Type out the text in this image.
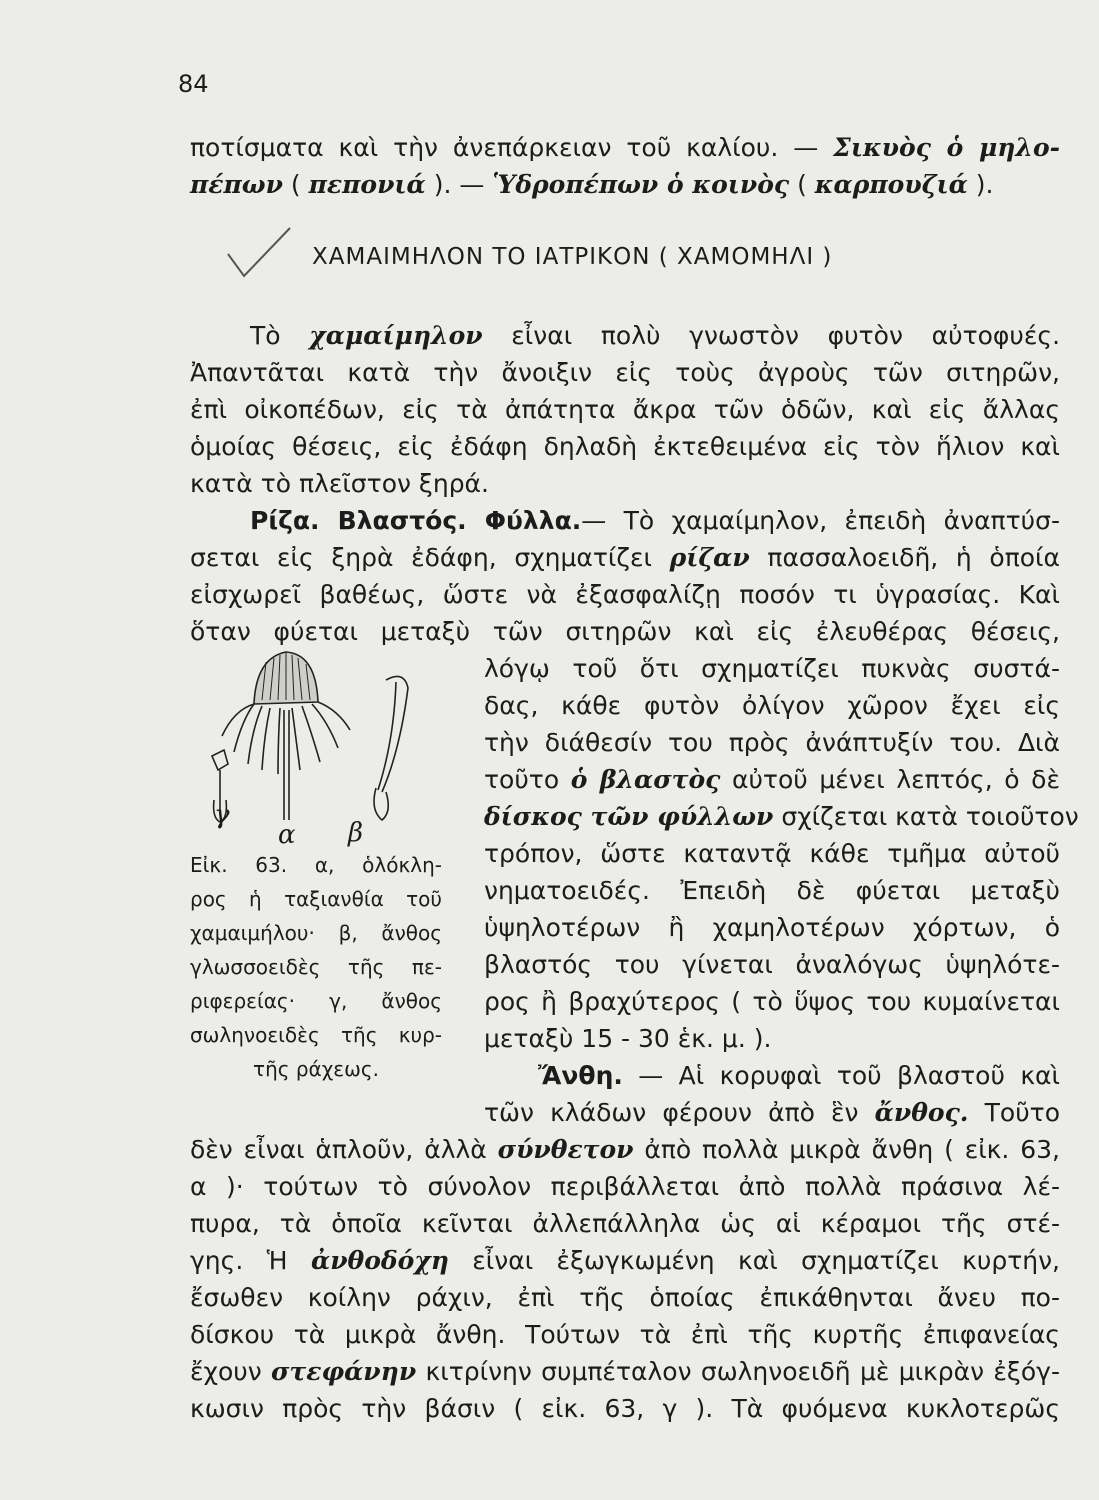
84
ποτίσματα καὶ τὴν ἀνεπάρκειαν τοῦ καλίου. — Σικυὸς ὁ μηλο-
πέπων ( πεπονιά ). — Ὑδροπέπων ὁ κοινὸς ( καρπουζιά ).
ΧΑΜΑΙΜΗΛΟΝ ΤΟ ΙΑΤΡΙΚΟΝ ( ΧΑΜΟΜΗΛΙ )
Τὸ χαμαίμηλον εἶναι πολὺ γνωστὸν φυτὸν αὐτοφυές.
Ἀπαντᾶται κατὰ τὴν ἄνοιξιν εἰς τοὺς ἀγροὺς τῶν σιτηρῶν,
ἐπὶ οἰκοπέδων, εἰς τὰ ἀπάτητα ἄκρα τῶν ὁδῶν, καὶ εἰς ἄλλας
ὁμοίας θέσεις, εἰς ἐδάφη δηλαδὴ ἐκτεθειμένα εἰς τὸν ἥλιον καὶ
κατὰ τὸ πλεῖστον ξηρά.
Ρίζα. Βλαστός. Φύλλα.— Τὸ χαμαίμηλον, ἐπειδὴ ἀναπτύσ-
σεται εἰς ξηρὰ ἐδάφη, σχηματίζει ρίζαν πασσαλοειδῆ, ἡ ὁποία
εἰσχωρεῖ βαθέως, ὥστε νὰ ἐξασφαλίζῃ ποσόν τι ὑγρασίας. Καὶ
ὅταν φύεται μεταξὺ τῶν σιτηρῶν καὶ εἰς ἐλευθέρας θέσεις,
λόγῳ τοῦ ὅτι σχηματίζει πυκνὰς συστά-
δας, κάθε φυτὸν ὀλίγον χῶρον ἔχει εἰς
τὴν διάθεσίν του πρὸς ἀνάπτυξίν του. Διὰ
τοῦτο ὁ βλαστὸς αὐτοῦ μένει λεπτός, ὁ δὲ
δίσκος τῶν φύλλων σχίζεται κατὰ τοιοῦτον
τρόπον, ὥστε καταντᾷ κάθε τμῆμα αὐτοῦ
νηματοειδές. Ἐπειδὴ δὲ φύεται μεταξὺ
ὑψηλοτέρων ἢ χαμηλοτέρων χόρτων, ὁ
βλαστός του γίνεται ἀναλόγως ὑψηλότε-
ρος ἢ βραχύτερος ( τὸ ὕψος του κυμαίνεται
μεταξὺ 15 - 30 ἑκ. μ. ).
Ἄνθη. — Αἱ κορυφαὶ τοῦ βλαστοῦ καὶ
τῶν κλάδων φέρουν ἀπὸ ἓν ἄνθος. Τοῦτο
δὲν εἶναι ἁπλοῦν, ἀλλὰ σύνθετον ἀπὸ πολλὰ μικρὰ ἄνθη ( εἰκ. 63,
α )· τούτων τὸ σύνολον περιβάλλεται ἀπὸ πολλὰ πράσινα λέ-
πυρα, τὰ ὁποῖα κεῖνται ἀλλεπάλληλα ὡς αἱ κέραμοι τῆς στέ-
γης. Ἡ ἀνθοδόχη εἶναι ἐξωγκωμένη καὶ σχηματίζει κυρτήν,
ἔσωθεν κοίλην ράχιν, ἐπὶ τῆς ὁποίας ἐπικάθηνται ἄνευ πο-
δίσκου τὰ μικρὰ ἄνθη. Τούτων τὰ ἐπὶ τῆς κυρτῆς ἐπιφανείας
ἔχουν στεφάνην κιτρίνην συμπέταλον σωληνοειδῆ μὲ μικρὰν ἐξόγ-
κωσιν πρὸς τὴν βάσιν ( εἰκ. 63, γ ). Τὰ φυόμενα κυκλοτερῶς
γ
α β
Εἰκ. 63. α, ὁλόκλη-
ρος ἡ ταξιανθία τοῦ
χαμαιμήλου· β, ἄνθος
γλωσσοειδὲς τῆς πε-
ριφερείας· γ, ἄνθος
σωληνοειδὲς τῆς κυρ-
τῆς ράχεως.
